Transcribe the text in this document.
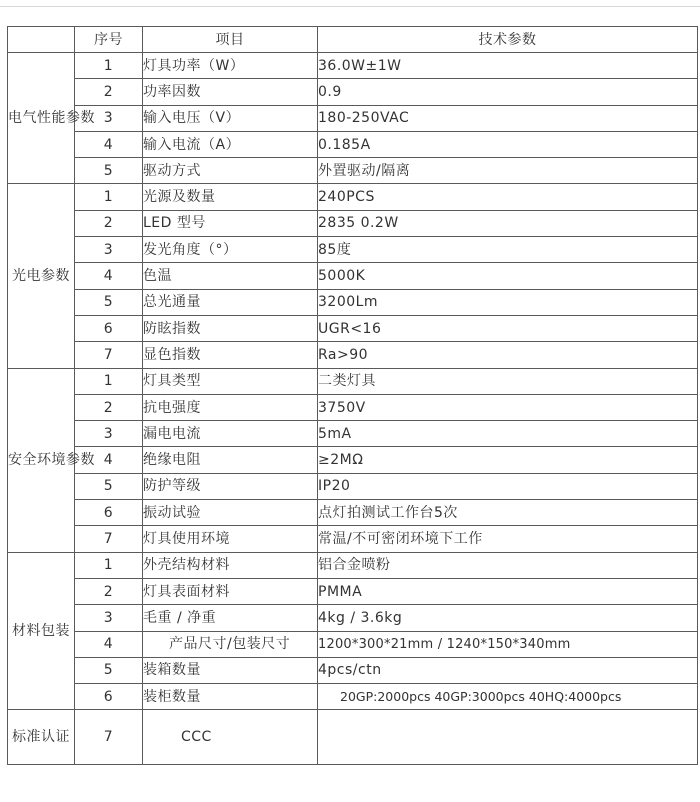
	序号	项目	技术参数
电气性能参数	1	灯具功率（W）	36.0W±1W
	2	功率因数	0.9
	3	输入电压（V）	180-250VAC
	4	输入电流（A）	0.185A
	5	驱动方式	外置驱动/隔离
光电参数	1	光源及数量	240PCS
	2	LED 型号	2835 0.2W
	3	发光角度（°）	85度
	4	色温	5000K
	5	总光通量	3200Lm
	6	防眩指数	UGR<16
	7	显色指数	Ra>90
安全环境参数	1	灯具类型	二类灯具
	2	抗电强度	3750V
	3	漏电电流	5mA
	4	绝缘电阻	≥2MΩ
	5	防护等级	IP20
	6	振动试验	点灯拍测试工作台5次
	7	灯具使用环境	常温/不可密闭环境下工作
材料包装	1	外壳结构材料	铝合金喷粉
	2	灯具表面材料	PMMA
	3	毛重 / 净重	4kg / 3.6kg
	4	产品尺寸/包装尺寸	1200*300*21mm / 1240*150*340mm
	5	装箱数量	4pcs/ctn
	6	装柜数量	20GP:2000pcs 40GP:3000pcs 40HQ:4000pcs
标准认证	7	CCC	
